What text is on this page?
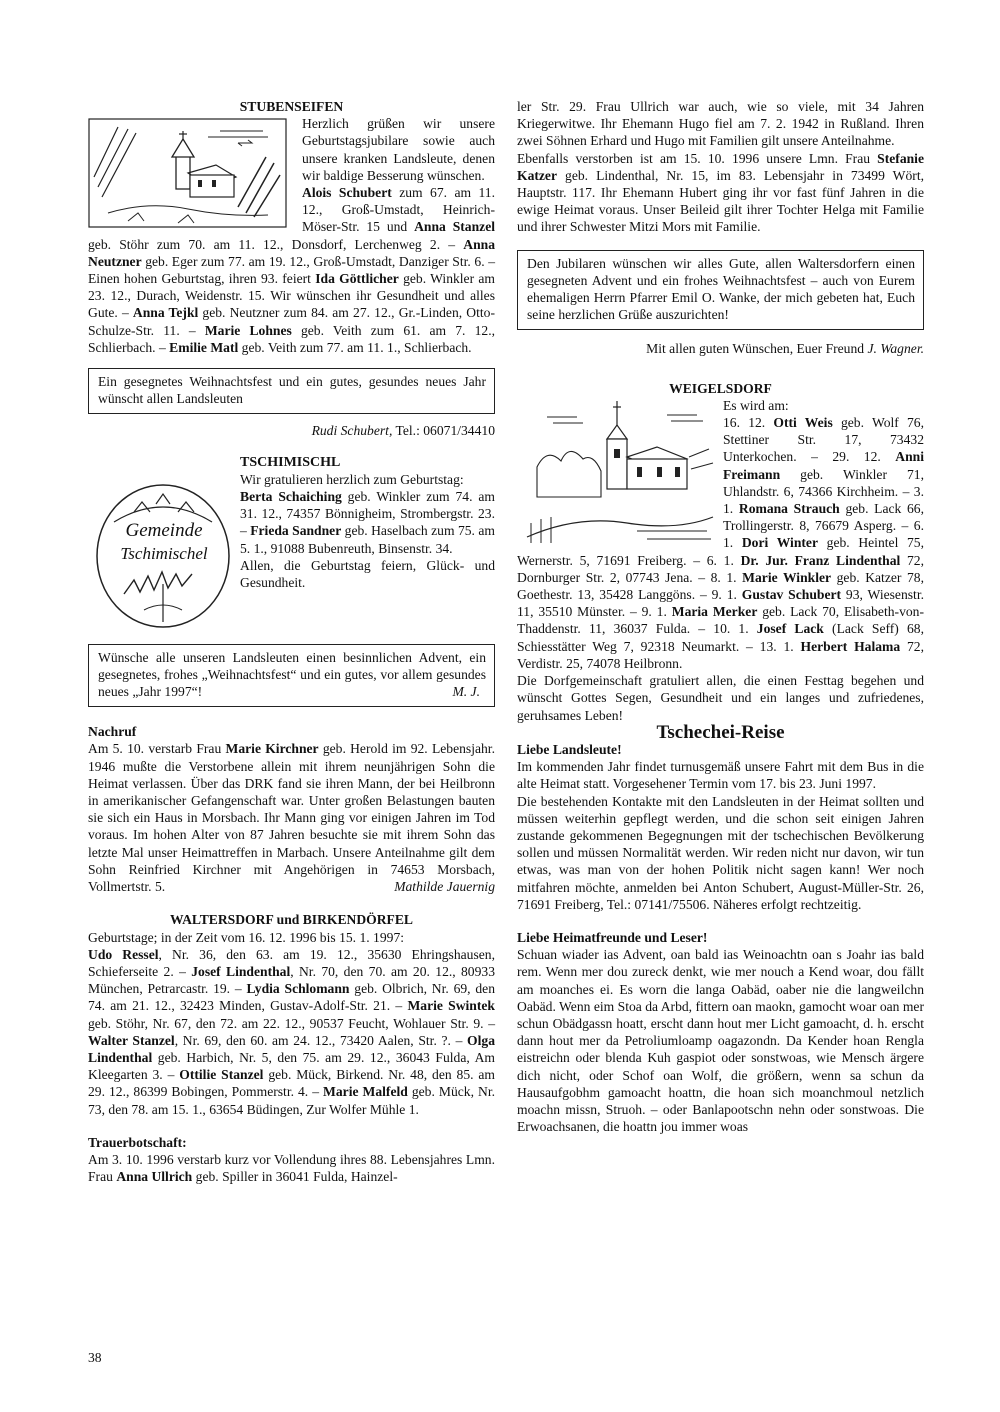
STUBENSEIFEN

Herzlich grüßen wir unsere Geburtstagsjubilare sowie auch unsere kranken Landsleute, denen wir baldige Besserung wünschen.

Alois Schubert zum 67. am 11. 12., Groß-Umstadt, Heinrich-Möser-Str. 15 und Anna Stanzel geb. Stöhr zum 70. am 11. 12., Donsdorf, Lerchenweg 2. – Anna Neutzner geb. Eger zum 77. am 19. 12., Groß-Umstadt, Danziger Str. 6. – Einen hohen Geburtstag, ihren 93. feiert Ida Göttlicher geb. Winkler am 23. 12., Durach, Weidenstr. 15. Wir wünschen ihr Gesundheit und alles Gute. – Anna Tejkl geb. Neutzner zum 84. am 27. 12., Gr.-Linden, Otto-Schulze-Str. 11. – Marie Lohnes geb. Veith zum 61. am 7. 12., Schlierbach. – Emilie Matl geb. Veith zum 77. am 11. 1., Schlierbach.

Ein gesegnetes Weihnachtsfest und ein gutes, gesundes neues Jahr wünscht allen Landsleuten

Rudi Schubert, Tel.: 06071/34410

Gemeinde
Tschimischel

TSCHIMISCHL

Wir gratulieren herzlich zum Geburtstag:

Berta Schaiching geb. Winkler zum 74. am 31. 12., 74357 Bönnigheim, Strombergstr. 23. – Frieda Sandner geb. Haselbach zum 75. am 5. 1., 91088 Bubenreuth, Binsenstr. 34.

Allen, die Geburtstag feiern, Glück- und Gesundheit.

Wünsche alle unseren Landsleuten einen besinnlichen Advent, ein gesegnetes, frohes „Weihnachtsfest“ und ein gutes, vor allem gesundes neues „Jahr 1997“!	M. J.

Nachruf

Am 5. 10. verstarb Frau Marie Kirchner geb. Herold im 92. Lebensjahr. 1946 mußte die Verstorbene allein mit ihrem neunjährigen Sohn die Heimat verlassen. Über das DRK fand sie ihren Mann, der bei Heilbronn in amerikanischer Gefangenschaft war. Unter großen Belastungen bauten sie sich ein Haus in Morsbach. Ihr Mann ging vor einigen Jahren im Tod voraus. Im hohen Alter von 87 Jahren besuchte sie mit ihrem Sohn das letzte Mal unser Heimattreffen in Marbach. Unsere Anteilnahme gilt dem Sohn Reinfried Kirchner mit Angehörigen in 74653 Morsbach, Vollmertstr. 5.	Mathilde Jauernig

WALTERSDORF und BIRKENDÖRFEL

Geburtstage; in der Zeit vom 16. 12. 1996 bis 15. 1. 1997:

Udo Ressel, Nr. 36, den 63. am 19. 12., 35630 Ehringshausen, Schieferseite 2. – Josef Lindenthal, Nr. 70, den 70. am 20. 12., 80933 München, Petrarcastr. 19. – Lydia Schlomann geb. Olbrich, Nr. 69, den 74. am 21. 12., 32423 Minden, Gustav-Adolf-Str. 21. – Marie Swintek geb. Stöhr, Nr. 67, den 72. am 22. 12., 90537 Feucht, Wohlauer Str. 9. – Walter Stanzel, Nr. 69, den 60. am 24. 12., 73420 Aalen, Str. ?. – Olga Lindenthal geb. Harbich, Nr. 5, den 75. am 29. 12., 36043 Fulda, Am Kleegarten 3. – Ottilie Stanzel geb. Mück, Birkend. Nr. 48, den 85. am 29. 12., 86399 Bobingen, Pommerstr. 4. – Marie Malfeld geb. Mück, Nr. 73, den 78. am 15. 1., 63654 Büdingen, Zur Wolfer Mühle 1.

Trauerbotschaft:

Am 3. 10. 1996 verstarb kurz vor Vollendung ihres 88. Lebensjahres Lmn. Frau Anna Ullrich geb. Spiller in 36041 Fulda, Hainzel-

38

ler Str. 29. Frau Ullrich war auch, wie so viele, mit 34 Jahren Kriegerwitwe. Ihr Ehemann Hugo fiel am 7. 2. 1942 in Rußland. Ihren zwei Söhnen Erhard und Hugo mit Familien gilt unsere Anteilnahme.

Ebenfalls verstorben ist am 15. 10. 1996 unsere Lmn. Frau Stefanie Katzer geb. Lindenthal, Nr. 15, im 83. Lebensjahr in 73499 Wört, Hauptstr. 117. Ihr Ehemann Hubert ging ihr vor fast fünf Jahren in die ewige Heimat voraus. Unser Beileid gilt ihrer Tochter Helga mit Familie und ihrer Schwester Mitzi Mors mit Familie.

Den Jubilaren wünschen wir alles Gute, allen Waltersdorfern einen gesegneten Advent und ein frohes Weihnachtsfest – auch von Eurem ehemaligen Herrn Pfarrer Emil O. Wanke, der mich gebeten hat, Euch seine herzlichen Grüße auszurichten!

Mit allen guten Wünschen, Euer Freund J. Wagner.

WEIGELSDORF

Es wird am:

16. 12. Otti Weis geb. Wolf 76, Stettiner Str. 17, 73432 Unterkochen. – 29. 12. Anni Freimann geb. Winkler 71, Uhlandstr. 6, 74366 Kirchheim. – 3. 1. Romana Strauch geb. Lack 66, Trollingerstr. 8, 76679 Asperg. – 6. 1. Dori Winter geb. Heintel 75, Wernerstr. 5, 71691 Freiberg. – 6. 1. Dr. Jur. Franz Lindenthal 72, Dornburger Str. 2, 07743 Jena. – 8. 1. Marie Winkler geb. Katzer 78, Goethestr. 13, 35428 Langgöns. – 9. 1. Gustav Schubert 93, Wiesenstr. 11, 35510 Münster. – 9. 1. Maria Merker geb. Lack 70, Elisabeth-von-Thaddenstr. 11, 36037 Fulda. – 10. 1. Josef Lack (Lack Seff) 68, Schiesstätter Weg 7, 92318 Neumarkt. – 13. 1. Herbert Halama 72, Verdistr. 25, 74078 Heilbronn.

Die Dorfgemeinschaft gratuliert allen, die einen Festtag begehen und wünscht Gottes Segen, Gesundheit und ein langes und zufriedenes, geruhsames Leben!

Tschechei-Reise

Liebe Landsleute!

Im kommenden Jahr findet turnusgemäß unsere Fahrt mit dem Bus in die alte Heimat statt. Vorgesehener Termin vom 17. bis 23. Juni 1997.

Die bestehenden Kontakte mit den Landsleuten in der Heimat sollten und müssen weiterhin gepflegt werden, und die schon seit einigen Jahren zustande gekommenen Begegnungen mit der tschechischen Bevölkerung sollen und müssen Normalität werden. Wir reden nicht nur davon, wir tun etwas, was man von der hohen Politik nicht sagen kann! Wer noch mitfahren möchte, anmelden bei Anton Schubert, August-Müller-Str. 26, 71691 Freiberg, Tel.: 07141/75506. Näheres erfolgt rechtzeitig.

Liebe Heimatfreunde und Leser!

Schuan wiader ias Advent, oan bald ias Weinoachtn oan s Joahr ias bald rem. Wenn mer dou zureck denkt, wie mer nouch a Kend woar, dou fällt am moanches ei. Es worn die langa Oabäd, oaber nie die langweilchn Oabäd. Wenn eim Stoa da Arbd, fittern oan maokn, gamocht woar oan mer schun Obädgassn hoatt, erscht dann hout mer Licht gamoacht, d. h. erscht dann hout mer da Petroliumloamp oagazondn. Da Kender hoan Rengla eistreichn oder blenda Kuh gaspiot oder sonstwoas, wie Mensch ärgere dich nicht, oder Schof oan Wolf, die größern, wenn sa schun da Hausaufgobhm gamoacht hoattn, die hoan sich moanchmoul netzlich moachn missn, Struoh. – oder Banlapootschn nehn oder sonstwoas. Die Erwoachsanen, die hoattn jou immer woas
